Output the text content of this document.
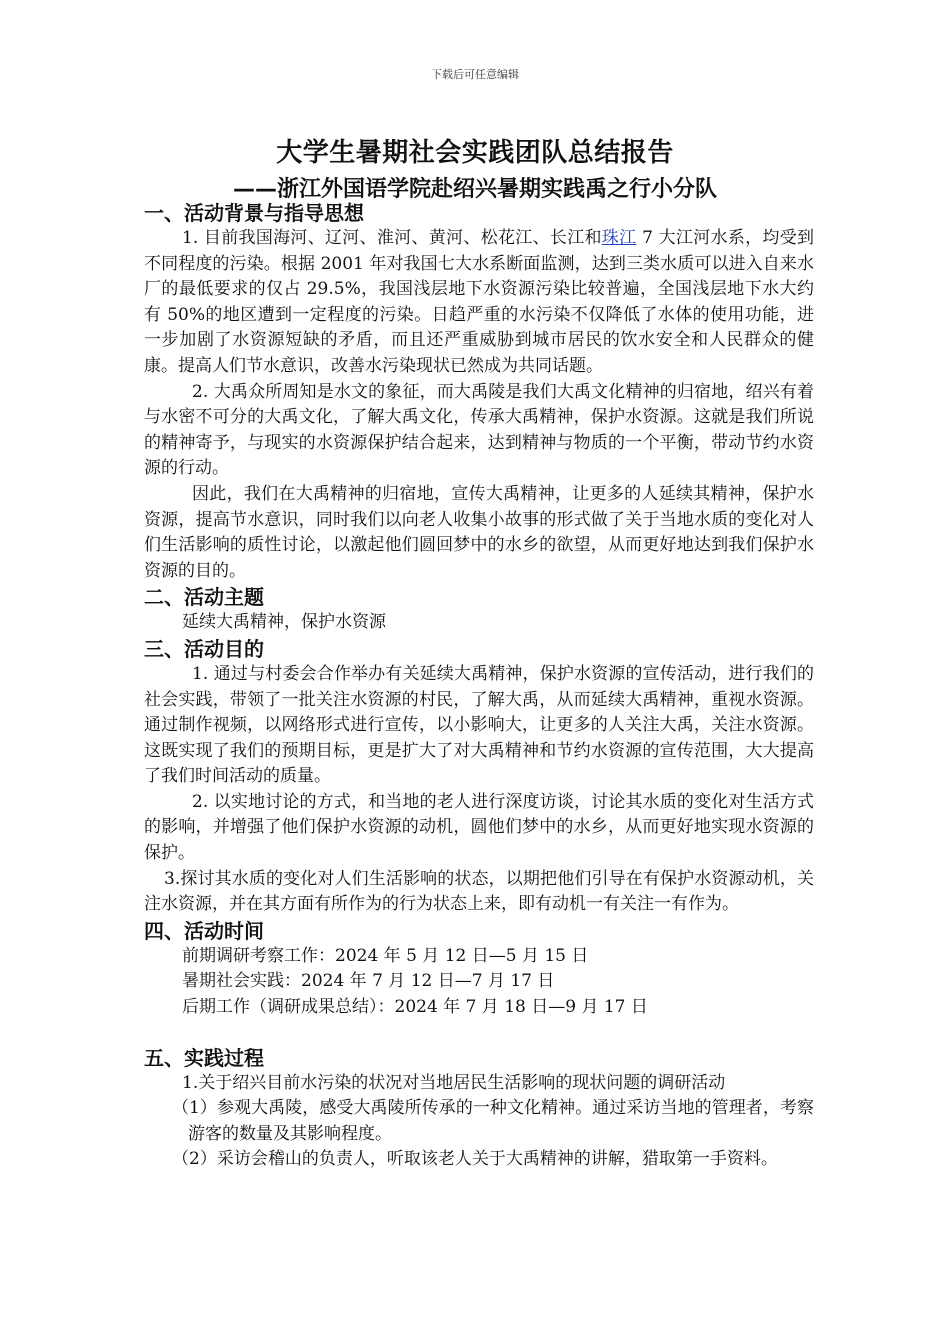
下载后可任意编辑
大学生暑期社会实践团队总结报告
——浙江外国语学院赴绍兴暑期实践禹之行小分队
一、活动背景与指导思想

1. 目前我国海河、辽河、淮河、黄河、松花江、长江和珠江 7 大江河水系，均受到不同程度的污染。根据 2001 年对我国七大水系断面监测，达到三类水质可以进入自来水厂的最低要求的仅占 29.5%，我国浅层地下水资源污染比较普遍，全国浅层地下水大约有 50%的地区遭到一定程度的污染。日趋严重的水污染不仅降低了水体的使用功能，进一步加剧了水资源短缺的矛盾，而且还严重威胁到城市居民的饮水安全和人民群众的健康。提高人们节水意识，改善水污染现状已然成为共同话题。

2. 大禹众所周知是水文的象征，而大禹陵是我们大禹文化精神的归宿地，绍兴有着与水密不可分的大禹文化，了解大禹文化，传承大禹精神，保护水资源。这就是我们所说的精神寄予，与现实的水资源保护结合起来，达到精神与物质的一个平衡，带动节约水资源的行动。

因此，我们在大禹精神的归宿地，宣传大禹精神，让更多的人延续其精神，保护水资源，提高节水意识，同时我们以向老人收集小故事的形式做了关于当地水质的变化对人们生活影响的质性讨论，以激起他们圆回梦中的水乡的欲望，从而更好地达到我们保护水资源的目的。

二、活动主题

延续大禹精神，保护水资源

三、活动目的

1. 通过与村委会合作举办有关延续大禹精神，保护水资源的宣传活动，进行我们的社会实践，带领了一批关注水资源的村民，了解大禹，从而延续大禹精神，重视水资源。通过制作视频，以网络形式进行宣传，以小影响大，让更多的人关注大禹，关注水资源。这既实现了我们的预期目标，更是扩大了对大禹精神和节约水资源的宣传范围，大大提高了我们时间活动的质量。

2. 以实地讨论的方式，和当地的老人进行深度访谈，讨论其水质的变化对生活方式的影响，并增强了他们保护水资源的动机，圆他们梦中的水乡，从而更好地实现水资源的保护。

3.探讨其水质的变化对人们生活影响的状态，以期把他们引导在有保护水资源动机，关注水资源，并在其方面有所作为的行为状态上来，即有动机一有关注一有作为。

四、活动时间

前期调研考察工作：2024 年 5 月 12 日—5 月 15 日

暑期社会实践：2024 年 7 月 12 日—7 月 17 日

后期工作（调研成果总结）：2024 年 7 月 18 日—9 月 17 日

五、实践过程

1.关于绍兴目前水污染的状况对当地居民生活影响的现状问题的调研活动

（1）参观大禹陵，感受大禹陵所传承的一种文化精神。通过采访当地的管理者，考察游客的数量及其影响程度。

（2）采访会稽山的负责人，听取该老人关于大禹精神的讲解，猎取第一手资料。
